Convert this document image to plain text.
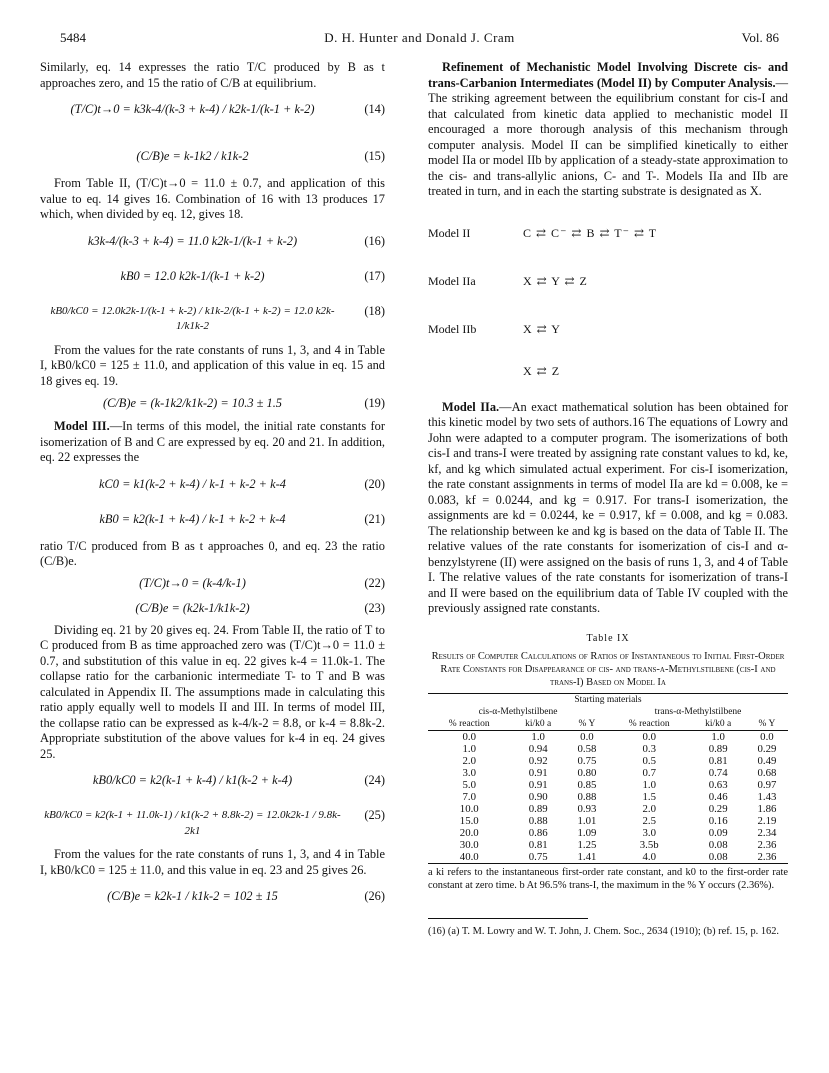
5484	D. H. Hunter and Donald J. Cram	Vol. 86

Similarly, eq. 14 expresses the ratio T/C produced by B as t approaches zero, and 15 the ratio of C/B at equilibrium.

(T/C)t→0 = k3k-4/(k-3 + k-4) / k2k-1/(k-1 + k-2)	(14)
(C/B)e = k-1k2 / k1k-2	(15)

From Table II, (T/C)t→0 = 11.0 ± 0.7, and application of this value to eq. 14 gives 16. Combination of 16 with 13 produces 17 which, when divided by eq. 12, gives 18.

k3k-4/(k-3 + k-4) = 11.0 k2k-1/(k-1 + k-2)	(16)
kB0 = 12.0 k2k-1/(k-1 + k-2)	(17)
kB0/kC0 = 12.0k2k-1/(k-1 + k-2) / k1k-2/(k-1 + k-2) = 12.0 k2k-1/k1k-2
(18)

From the values for the rate constants of runs 1, 3, and 4 in Table I, kB0/kC0 = 125 ± 11.0, and application of this value in eq. 15 and 18 gives eq. 19.

(C/B)e = (k-1k2/k1k-2) = 10.3 ± 1.5	(19)

Model III.—In terms of this model, the initial rate constants for isomerization of B and C are expressed by eq. 20 and 21. In addition, eq. 22 expresses the

kC0 = k1(k-2 + k-4) / k-1 + k-2 + k-4	(20)
kB0 = k2(k-1 + k-4) / k-1 + k-2 + k-4	(21)

ratio T/C produced from B as t approaches 0, and eq. 23 the ratio (C/B)e.

(T/C)t→0 = (k-4/k-1)	(22)
(C/B)e = (k2k-1/k1k-2)	(23)

Dividing eq. 21 by 20 gives eq. 24. From Table II, the ratio of T to C produced from B as time approached zero was (T/C)t→0 = 11.0 ± 0.7, and substitution of this value in eq. 22 gives k-4 = 11.0k-1. The collapse ratio for the carbanionic intermediate T- to T and B was calculated in Appendix II. The assumptions made in calculating this ratio apply equally well to models II and III. In terms of model III, the collapse ratio can be expressed as k-4/k-2 = 8.8, or k-4 = 8.8k-2. Appropriate substitution of the above values for k-4 in eq. 24 gives 25.

kB0/kC0 = k2(k-1 + k-4) / k1(k-2 + k-4)	(24)
kB0/kC0 = k2(k-1 + 11.0k-1) / k1(k-2 + 8.8k-2) = 12.0k2k-1 / 9.8k-2k1
(25)

From the values for the rate constants of runs 1, 3, and 4 in Table I, kB0/kC0 = 125 ± 11.0, and this value in eq. 23 and 25 gives 26.

(C/B)e = k2k-1 / k1k-2 = 102 ± 15	(26)

Refinement of Mechanistic Model Involving Discrete cis- and trans-Carbanion Intermediates (Model II) by Computer Analysis.—The striking agreement between the equilibrium constant for cis-I and that calculated from kinetic data applied to mechanistic model II encouraged a more thorough analysis of this mechanism through computer analysis. Model II can be simplified kinetically to either model IIa or model IIb by application of a steady-state approximation to the cis- and trans-allylic anions, C- and T-. Models IIa and IIb are treated in turn, and in each the starting substrate is designated as X.

Model II	C ⇄ C⁻ ⇄ B ⇄ T⁻ ⇄ T
Model IIa	X ⇄ Y ⇄ Z
Model IIb	X ⇄ Y
X ⇄ Z

Model IIa.—An exact mathematical solution has been obtained for this kinetic model by two sets of authors.16 The equations of Lowry and John were adapted to a computer program. The isomerizations of both cis-I and trans-I were treated by assigning rate constant values to kd, ke, kf, and kg which simulated actual experiment. For cis-I isomerization, the rate constant assignments in terms of model IIa are kd = 0.008, ke = 0.083, kf = 0.0244, and kg = 0.917. For trans-I isomerization, the assignments are kd = 0.0244, ke = 0.917, kf = 0.008, and kg = 0.083. The relationship between ke and kg is based on the data of Table II. The relative values of the rate constants for isomerization of cis-I and α-benzylstyrene (II) were assigned on the basis of runs 1, 3, and 4 of Table I. The relative values of the rate constants for isomerization of trans-I and II were based on the equilibrium data of Table IV coupled with the previously assigned rate constants.

Table IX
Results of Computer Calculations of Ratios of Instantaneous to Initial First-Order Rate Constants for Disappearance of cis- and trans-α-Methylstilbene (cis-I and trans-I) Based on Model Ia
Starting materials					
cis-α-Methylstilbene			trans-α-Methylstilbene		
% reaction	ki/k0 a	% Y	% reaction	ki/k0 a	% Y
0.0	1.0	0.0	0.0	1.0	0.0
1.0	0.94	0.58	0.3	0.89	0.29
2.0	0.92	0.75	0.5	0.81	0.49
3.0	0.91	0.80	0.7	0.74	0.68
5.0	0.91	0.85	1.0	0.63	0.97
7.0	0.90	0.88	1.5	0.46	1.43
10.0	0.89	0.93	2.0	0.29	1.86
15.0	0.88	1.01	2.5	0.16	2.19
20.0	0.86	1.09	3.0	0.09	2.34
30.0	0.81	1.25	3.5b	0.08	2.36
40.0	0.75	1.41	4.0	0.08	2.36
a ki refers to the instantaneous first-order rate constant, and k0 to the first-order rate constant at zero time. b At 96.5% trans-I, the maximum in the % Y occurs (2.36%).
(16) (a) T. M. Lowry and W. T. John, J. Chem. Soc., 2634 (1910); (b) ref. 15, p. 162.
